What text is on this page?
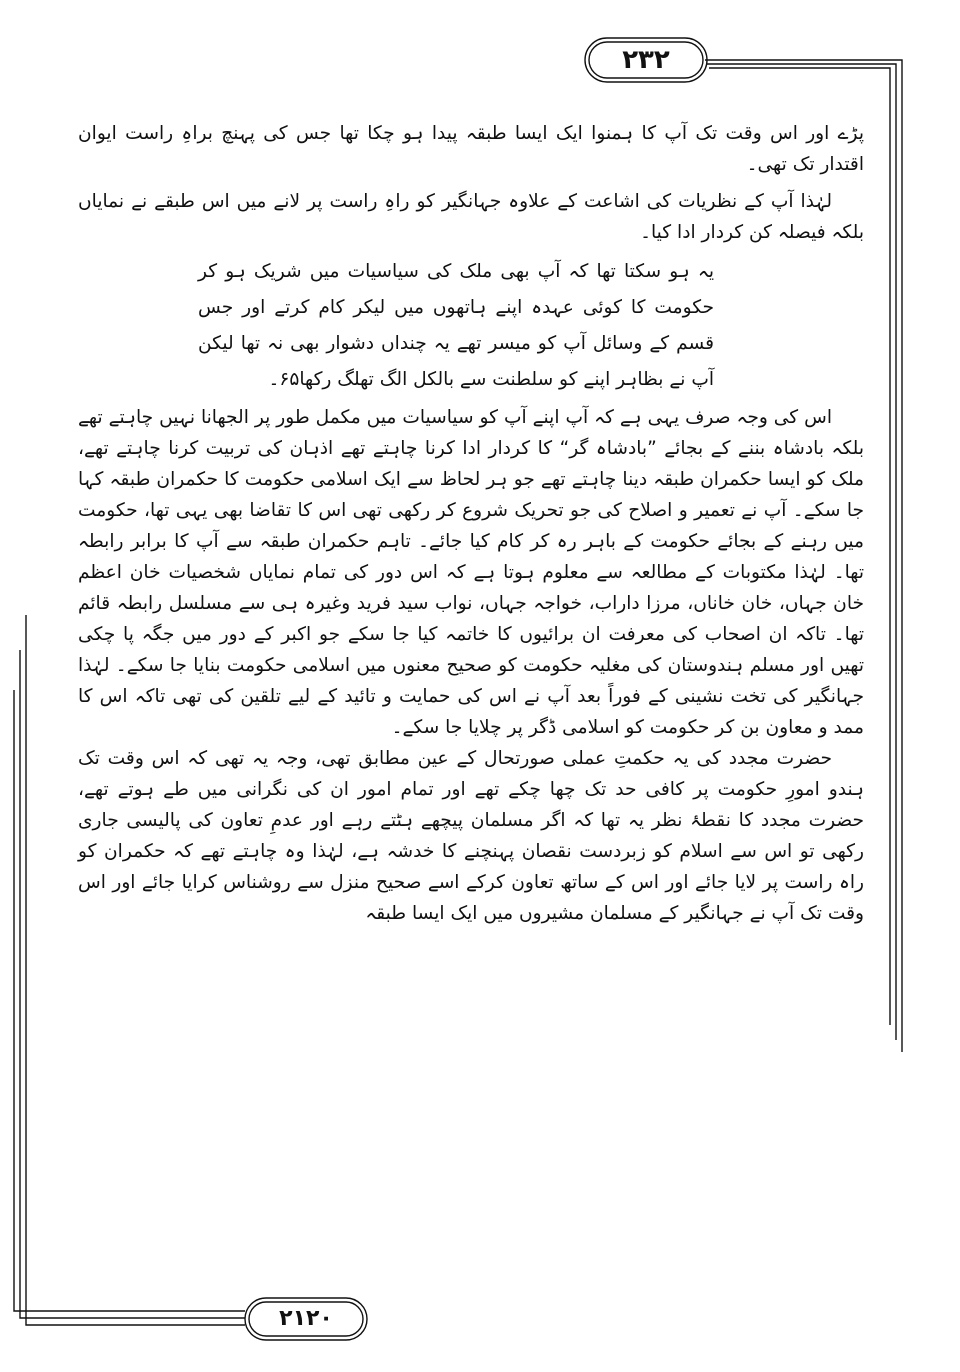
۲۳۲
۲۱۲۰

پڑے اور اس وقت تک آپ کا ہمنوا ایک ایسا طبقہ پیدا ہو چکا تھا جس کی پہنچ براہِ راست ایوان اقتدار تک تھی۔

لہٰذا آپ کے نظریات کی اشاعت کے علاوہ جہانگیر کو راہِ راست پر لانے میں اس طبقے نے نمایاں بلکہ فیصلہ کن کردار ادا کیا۔

یہ ہو سکتا تھا کہ آپ بھی ملک کی سیاسیات میں شریک ہو کر حکومت کا کوئی عہدہ اپنے ہاتھوں میں لیکر کام کرتے اور جس قسم کے وسائل آپ کو میسر تھے یہ چنداں دشوار بھی نہ تھا لیکن آپ نے بظاہر اپنے کو سلطنت سے بالکل الگ تھلگ رکھا۶۵۔

اس کی وجہ صرف یہی ہے کہ آپ اپنے آپ کو سیاسیات میں مکمل طور پر الجھانا نہیں چاہتے تھے بلکہ بادشاہ بننے کے بجائے ”بادشاہ گر“ کا کردار ادا کرنا چاہتے تھے اذہان کی تربیت کرنا چاہتے تھے، ملک کو ایسا حکمران طبقہ دینا چاہتے تھے جو ہر لحاظ سے ایک اسلامی حکومت کا حکمران طبقہ کہا جا سکے۔ آپ نے تعمیر و اصلاح کی جو تحریک شروع کر رکھی تھی اس کا تقاضا بھی یہی تھا، حکومت میں رہنے کے بجائے حکومت کے باہر رہ کر کام کیا جائے۔ تاہم حکمران طبقہ سے آپ کا برابر رابطہ تھا۔ لہٰذا مکتوبات کے مطالعہ سے معلوم ہوتا ہے کہ اس دور کی تمام نمایاں شخصیات خان اعظم خان جہاں، خان خاناں، مرزا داراب، خواجہ جہاں، نواب سید فرید وغیرہ ہی سے مسلسل رابطہ قائم تھا۔ تاکہ ان اصحاب کی معرفت ان برائیوں کا خاتمہ کیا جا سکے جو اکبر کے دور میں جگہ پا چکی تھیں اور مسلم ہندوستان کی مغلیہ حکومت کو صحیح معنوں میں اسلامی حکومت بنایا جا سکے۔ لہٰذا جہانگیر کی تخت نشینی کے فوراً بعد آپ نے اس کی حمایت و تائید کے لیے تلقین کی تھی تاکہ اس کا ممد و معاون بن کر حکومت کو اسلامی ڈگر پر چلایا جا سکے۔

حضرت مجدد کی یہ حکمتِ عملی صورتحال کے عین مطابق تھی، وجہ یہ تھی کہ اس وقت تک ہندو امورِ حکومت پر کافی حد تک چھا چکے تھے اور تمام امور ان کی نگرانی میں طے ہوتے تھے، حضرت مجدد کا نقطۂ نظر یہ تھا کہ اگر مسلمان پیچھے ہٹتے رہے اور عدمِ تعاون کی پالیسی جاری رکھی تو اس سے اسلام کو زبردست نقصان پہنچنے کا خدشہ ہے، لہٰذا وہ چاہتے تھے کہ حکمران کو راہ راست پر لایا جائے اور اس کے ساتھ تعاون کرکے اسے صحیح منزل سے روشناس کرایا جائے اور اس وقت تک آپ نے جہانگیر کے مسلمان مشیروں میں ایک ایسا طبقہ
